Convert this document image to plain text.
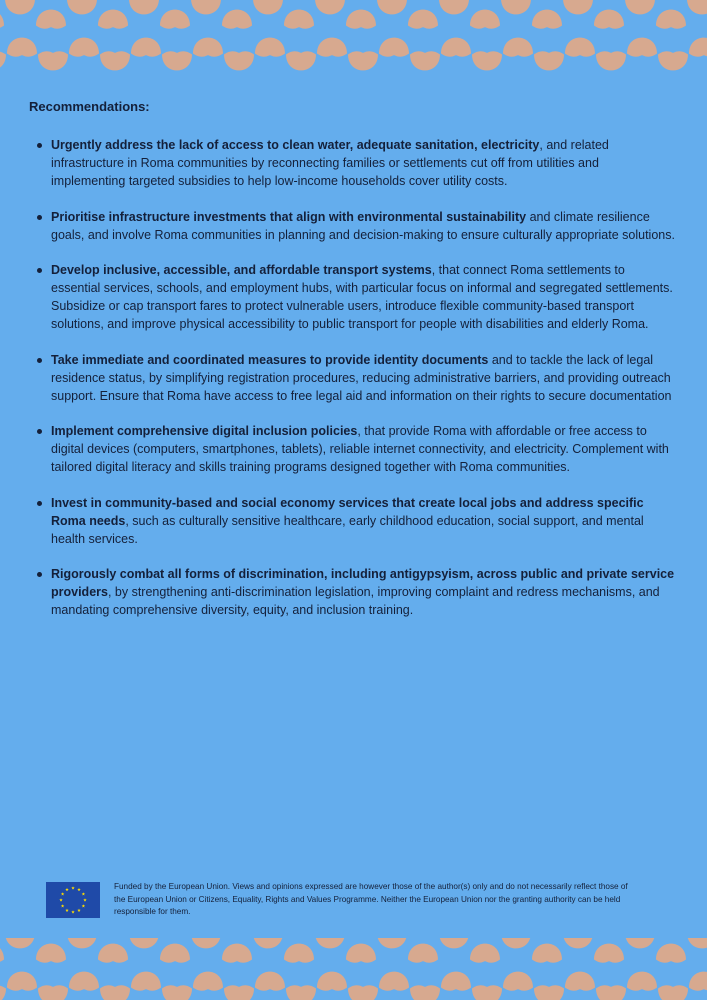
Recommendations:
Urgently address the lack of access to clean water, adequate sanitation, electricity, and related infrastructure in Roma communities by reconnecting families or settlements cut off from utilities and implementing targeted subsidies to help low-income households cover utility costs.
Prioritise infrastructure investments that align with environmental sustainability and climate resilience goals, and involve Roma communities in planning and decision-making to ensure culturally appropriate solutions.
Develop inclusive, accessible, and affordable transport systems, that connect Roma settlements to essential services, schools, and employment hubs, with particular focus on informal and segregated settlements. Subsidize or cap transport fares to protect vulnerable users, introduce flexible community-based transport solutions, and improve physical accessibility to public transport for people with disabilities and elderly Roma.
Take immediate and coordinated measures to provide identity documents and to tackle the lack of legal residence status, by simplifying registration procedures, reducing administrative barriers, and providing outreach support. Ensure that Roma have access to free legal aid and information on their rights to secure documentation
Implement comprehensive digital inclusion policies, that provide Roma with affordable or free access to digital devices (computers, smartphones, tablets), reliable internet connectivity, and electricity. Complement with tailored digital literacy and skills training programs designed together with Roma communities.
Invest in community-based and social economy services that create local jobs and address specific Roma needs, such as culturally sensitive healthcare, early childhood education, social support, and mental health services.
Rigorously combat all forms of discrimination, including antigypsyism, across public and private service providers, by strengthening anti-discrimination legislation, improving complaint and redress mechanisms, and mandating comprehensive diversity, equity, and inclusion training.
Funded by the European Union. Views and opinions expressed are however those of the author(s) only and do not necessarily reflect those of the European Union or Citizens, Equality, Rights and Values Programme. Neither the European Union nor the granting authority can be held responsible for them.
